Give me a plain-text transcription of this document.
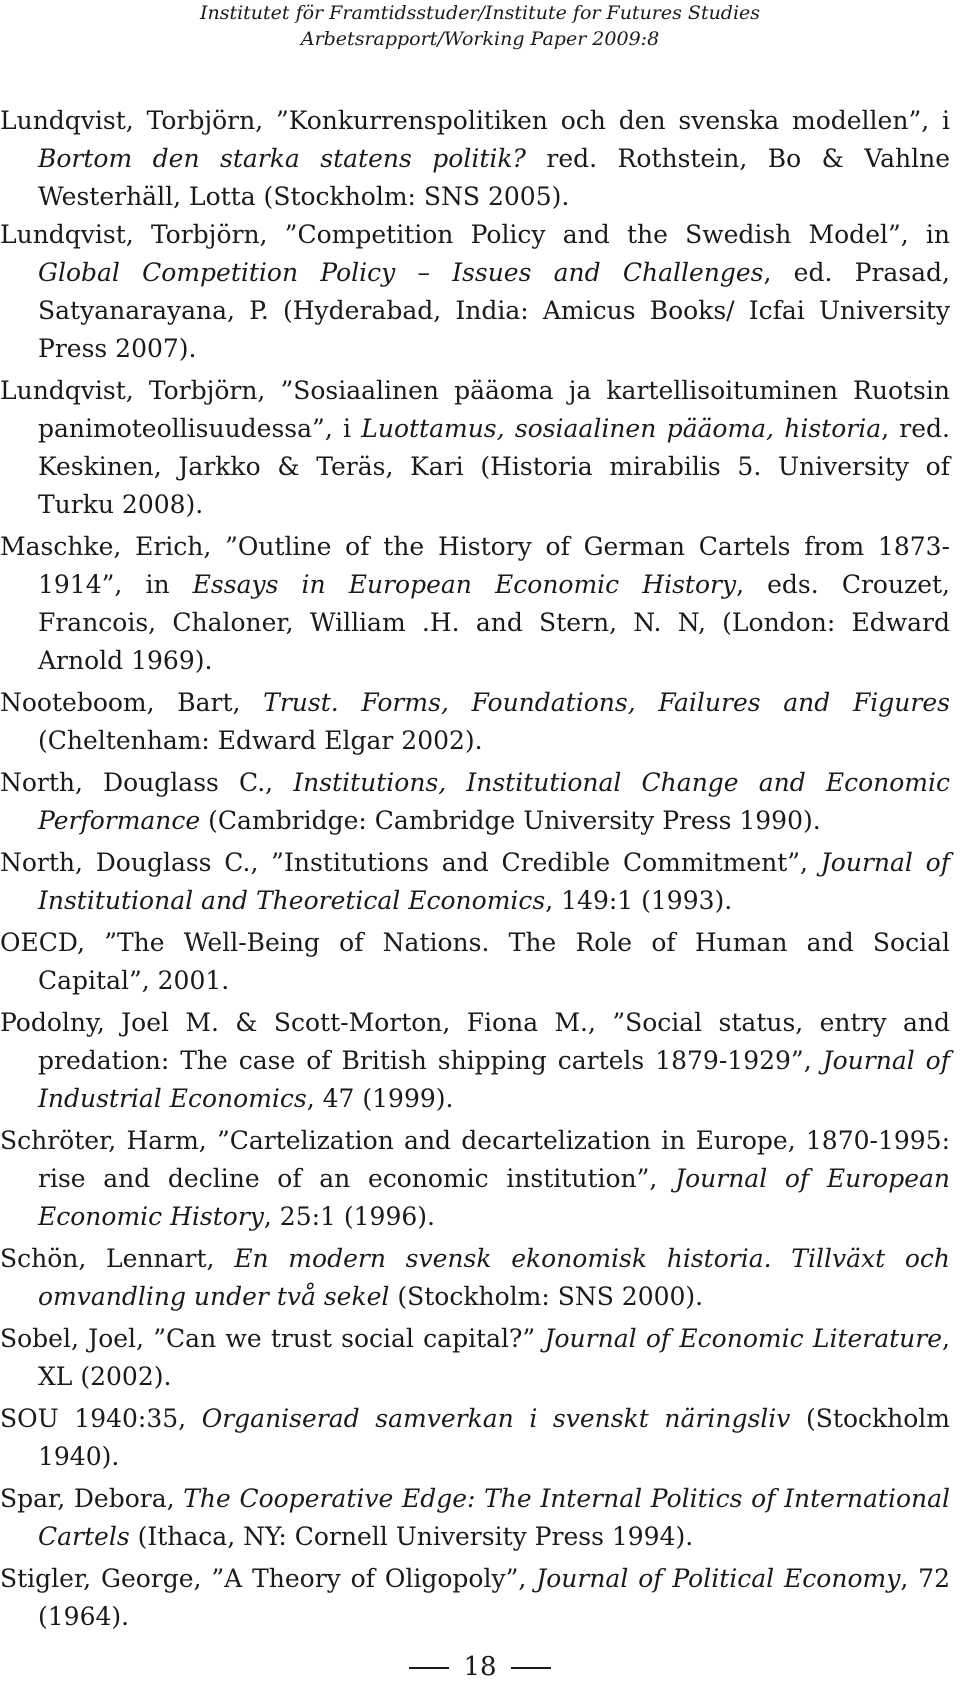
Institutet för Framtidsstuder/Institute for Futures Studies
Arbetsrapport/Working Paper 2009:8

Lundqvist, Torbjörn, ”Konkurrenspolitiken och den svenska modellen”, i Bortom den starka statens politik? red. Rothstein, Bo & Vahlne Westerhäll, Lotta (Stockholm: SNS 2005).

Lundqvist, Torbjörn, ”Competition Policy and the Swedish Model”, in Global Competition Policy – Issues and Challenges, ed. Prasad, Satyanarayana, P. (Hyderabad, India: Amicus Books/ Icfai University Press 2007).

Lundqvist, Torbjörn, ”Sosiaalinen pääoma ja kartellisoituminen Ruotsin panimoteollisuudessa”, i Luottamus, sosiaalinen pääoma, historia, red. Keskinen, Jarkko & Teräs, Kari (Historia mirabilis 5. University of Turku 2008).

Maschke, Erich, ”Outline of the History of German Cartels from 1873-1914”, in Essays in European Economic History, eds. Crouzet, Francois, Chaloner, William .H. and Stern, N. N, (London: Edward Arnold 1969).

Nooteboom, Bart, Trust. Forms, Foundations, Failures and Figures (Cheltenham: Edward Elgar 2002).

North, Douglass C., Institutions, Institutional Change and Economic Performance (Cambridge: Cambridge University Press 1990).

North, Douglass C., ”Institutions and Credible Commitment”, Journal of Institutional and Theoretical Economics, 149:1 (1993).

OECD, ”The Well-Being of Nations. The Role of Human and Social Capital”, 2001.

Podolny, Joel M. & Scott-Morton, Fiona M., ”Social status, entry and predation: The case of British shipping cartels 1879-1929”, Journal of Industrial Economics, 47 (1999).

Schröter, Harm, ”Cartelization and decartelization in Europe, 1870-1995: rise and decline of an economic institution”, Journal of European Economic History, 25:1 (1996).

Schön, Lennart, En modern svensk ekonomisk historia. Tillväxt och omvandling under två sekel (Stockholm: SNS 2000).

Sobel, Joel, ”Can we trust social capital?” Journal of Economic Literature, XL (2002).

SOU 1940:35, Organiserad samverkan i svenskt näringsliv (Stockholm 1940).

Spar, Debora, The Cooperative Edge: The Internal Politics of International Cartels (Ithaca, NY: Cornell University Press 1994).

Stigler, George, ”A Theory of Oligopoly”, Journal of Political Economy, 72 (1964).

18
